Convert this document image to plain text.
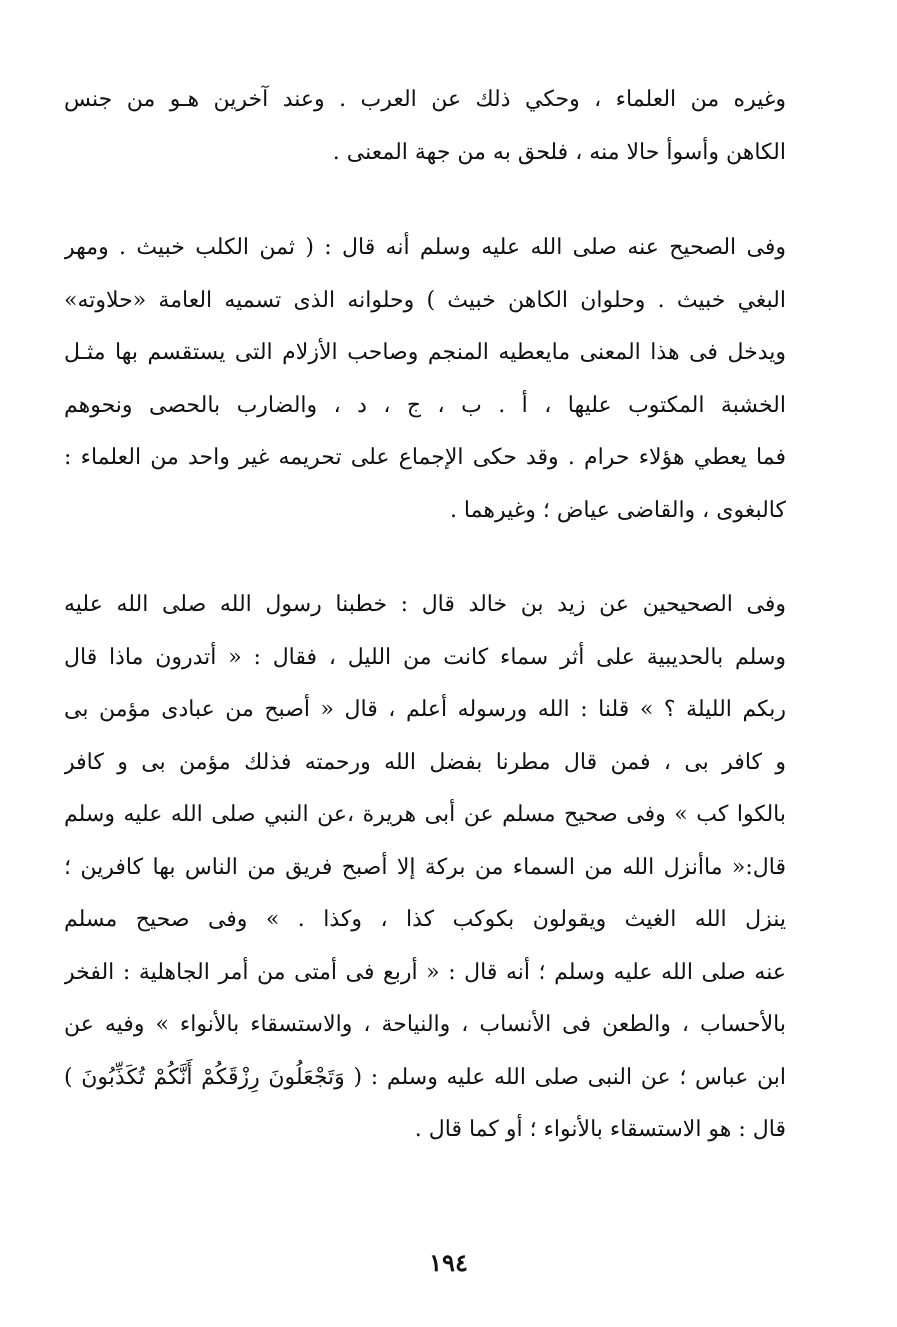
وغيره من العلماء ، وحكي ذلك عن العرب . وعند آخرين هـو من جنس
الكاهن وأسوأ حالا منه ، فلحق به من جهة المعنى .
وفى الصحيح عنه صلى الله عليه وسلم أنه قال : ( ثمن الكلب خبيث . ومهر
البغي خبيث . وحلوان الكاهن خبيث ) وحلوانه الذى تسميه العامة «حلاوته»
ويدخل فى هذا المعنى مايعطيه المنجم وصاحب الأزلام التى يستقسم بها مثـل
الخشبة المكتوب عليها ، أ . ب ، ج ، د ، والضارب بالحصى ونحوهم
فما يعطي هؤلاء حرام . وقد حكى الإجماع على تحريمه غير واحد من العلماء :
كالبغوى ، والقاضى عياض ؛ وغيرهما .
وفى الصحيحين عن زيد بن خالد قال : خطبنا رسول الله صلى الله عليه
وسلم بالحديبية على أثر سماء كانت من الليل ، فقال : « أتدرون ماذا قال
ربكم الليلة ؟ » قلنا : الله ورسوله أعلم ، قال « أصبح من عبادى مؤمن بى
و كافر بى ، فمن قال مطرنا بفضل الله ورحمته فذلك مؤمن بى و كافر
بالكوا كب » وفى صحيح مسلم عن أبى هريرة ،عن النبي صلى الله عليه وسلم
قال:« ماأنزل الله من السماء من بركة إلا أصبح فريق من الناس بها كافرين ؛
ينزل الله الغيث ويقولون بكوكب كذا ، وكذا . » وفى صحيح مسلم
عنه صلى الله عليه وسلم ؛ أنه قال : « أربع فى أمتى من أمر الجاهلية : الفخر
بالأحساب ، والطعن فى الأنساب ، والنياحة ، والاستسقاء بالأنواء » وفيه عن
ابن عباس ؛ عن النبى صلى الله عليه وسلم : ( وَتَجْعَلُونَ رِزْقَكُمْ أَنَّكُمْ تُكَذِّبُونَ )
قال : هو الاستسقاء بالأنواء ؛ أو كما قال .
١٩٤
